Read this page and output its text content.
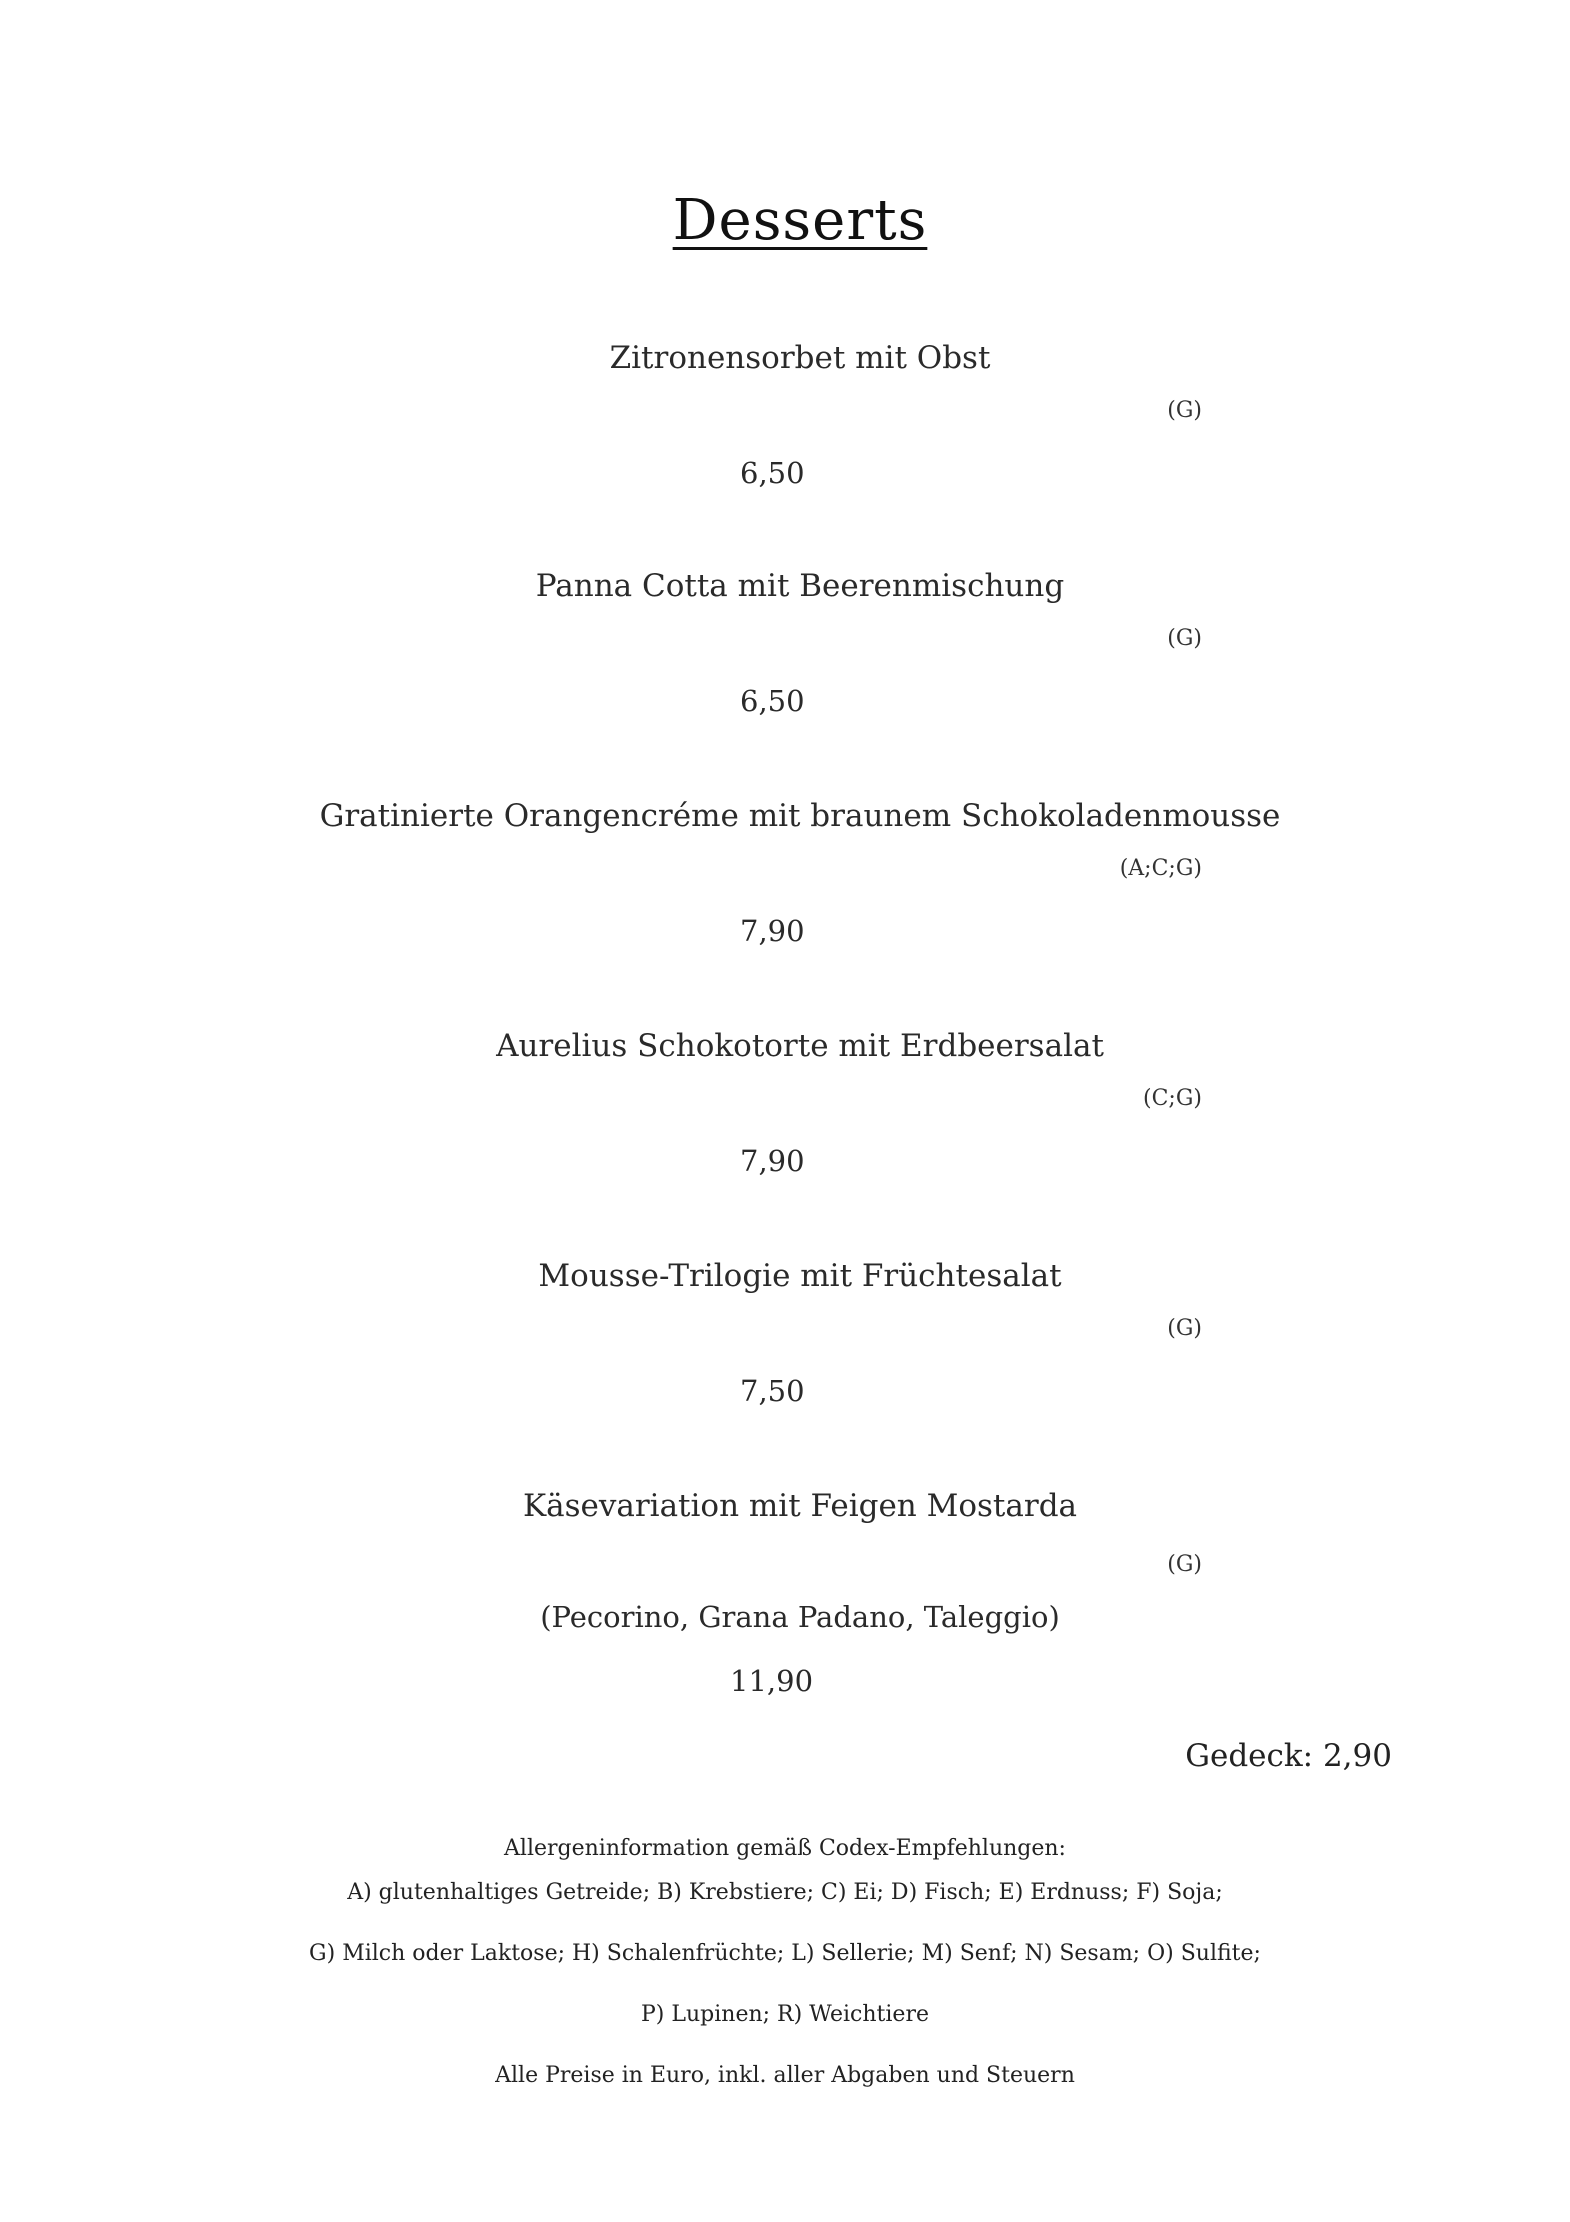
Desserts
Zitronensorbet mit Obst
(G)
6,50
Panna Cotta mit Beerenmischung
(G)
6,50
Gratinierte Orangencréme mit braunem Schokoladenmousse
(A;C;G)
7,90
Aurelius Schokotorte mit Erdbeersalat
(C;G)
7,90
Mousse-Trilogie mit Früchtesalat
(G)
7,50
Käsevariation mit Feigen Mostarda
(G)
(Pecorino, Grana Padano, Taleggio)
11,90
Gedeck: 2,90
Allergeninformation gemäß Codex-Empfehlungen:
A) glutenhaltiges Getreide; B) Krebstiere; C) Ei; D) Fisch; E) Erdnuss; F) Soja;
G) Milch oder Laktose; H) Schalenfrüchte; L) Sellerie; M) Senf; N) Sesam; O) Sulfite;
P) Lupinen; R) Weichtiere
Alle Preise in Euro, inkl. aller Abgaben und Steuern
